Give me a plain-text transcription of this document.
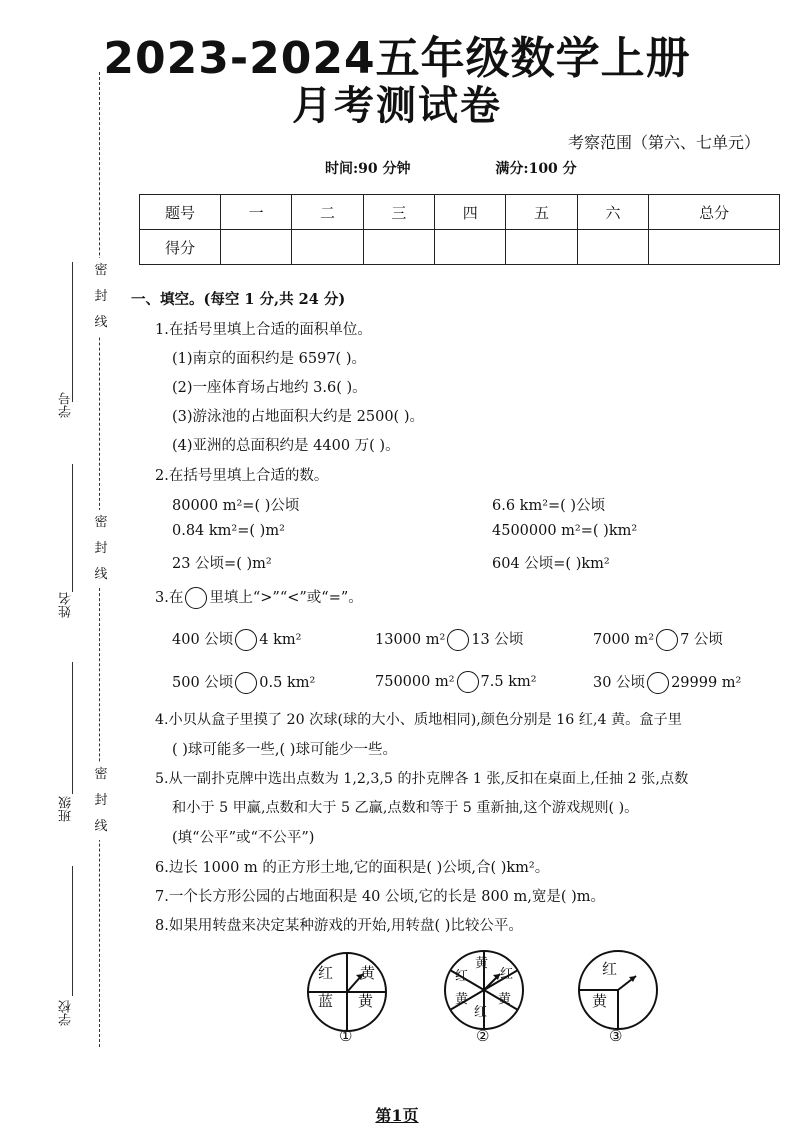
2023-2024五年级数学上册
月考测试卷
考察范围（第六、七单元）
时间:90 分钟	满分:100 分
题号	一	二	三	四	五	六	总分
得分							
学号
姓名
班级
学校
密
封
线
密
封
线
密
封
线
一、填空。(每空 1 分,共 24 分)
1.在括号里填上合适的面积单位。
(1)南京的面积约是 6597( )。
(2)一座体育场占地约 3.6( )。
(3)游泳池的占地面积大约是 2500( )。
(4)亚洲的总面积约是 4400 万( )。
2.在括号里填上合适的数。
80000 m²=( )公顷	6.6 km²=( )公顷
0.84 km²=( )m²	4500000 m²=( )km²
23 公顷=( )m²	604 公顷=( )km²
3.在 里填上“>”“<”或“=”。
400 公顷 4 km²	13000 m² 13 公顷	7000 m² 7 公顷
500 公顷 0.5 km²	750000 m² 7.5 km²	30 公顷 29999 m²
4.小贝从盒子里摸了 20 次球(球的大小、质地相同),颜色分别是 16 红,4 黄。盒子里
( )球可能多一些,( )球可能少一些。
5.从一副扑克牌中选出点数为 1,2,3,5 的扑克牌各 1 张,反扣在桌面上,任抽 2 张,点数
和小于 5 甲赢,点数和大于 5 乙赢,点数和等于 5 重新抽,这个游戏规则( )。
(填“公平”或“不公平”)
6.边长 1000 m 的正方形土地,它的面积是( )公顷,合( )km²。
7.一个长方形公园的占地面积是 40 公顷,它的长是 800 m,宽是( )m。
8.如果用转盘来决定某种游戏的开始,用转盘( )比较公平。
红 黄
蓝 黄
①
黄
红
黄
红
黄
红
②
红
黄
③
第1页
